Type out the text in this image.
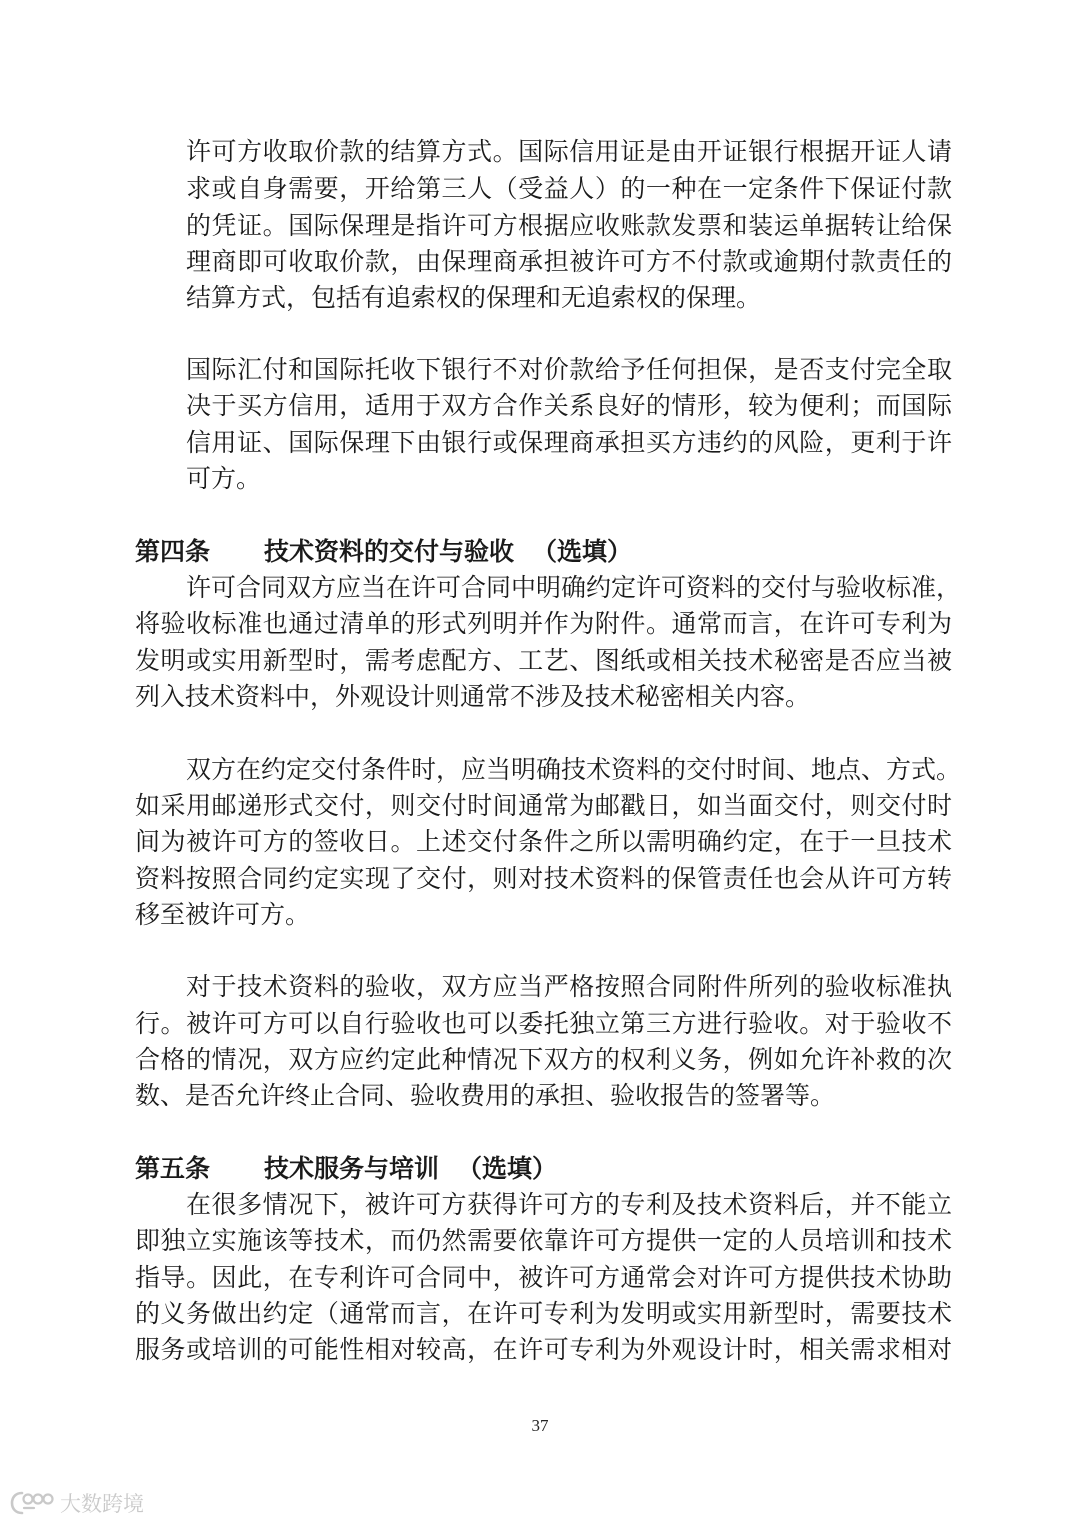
许可方收取价款的结算方式。国际信用证是由开证银行根据开证人请
求或自身需要，开给第三人（受益人）的一种在一定条件下保证付款
的凭证。国际保理是指许可方根据应收账款发票和装运单据转让给保
理商即可收取价款，由保理商承担被许可方不付款或逾期付款责任的
结算方式，包括有追索权的保理和无追索权的保理。
国际汇付和国际托收下银行不对价款给予任何担保，是否支付完全取
决于买方信用，适用于双方合作关系良好的情形，较为便利；而国际
信用证、国际保理下由银行或保理商承担买方违约的风险，更利于许
可方。
第四条 技术资料的交付与验收 （选填）
许可合同双方应当在许可合同中明确约定许可资料的交付与验收标准，
将验收标准也通过清单的形式列明并作为附件。通常而言，在许可专利为
发明或实用新型时，需考虑配方、工艺、图纸或相关技术秘密是否应当被
列入技术资料中，外观设计则通常不涉及技术秘密相关内容。
双方在约定交付条件时，应当明确技术资料的交付时间、地点、方式。
如采用邮递形式交付，则交付时间通常为邮戳日，如当面交付，则交付时
间为被许可方的签收日。上述交付条件之所以需明确约定，在于一旦技术
资料按照合同约定实现了交付，则对技术资料的保管责任也会从许可方转
移至被许可方。
对于技术资料的验收，双方应当严格按照合同附件所列的验收标准执
行。被许可方可以自行验收也可以委托独立第三方进行验收。对于验收不
合格的情况，双方应约定此种情况下双方的权利义务，例如允许补救的次
数、是否允许终止合同、验收费用的承担、验收报告的签署等。
第五条 技术服务与培训 （选填）
在很多情况下，被许可方获得许可方的专利及技术资料后，并不能立
即独立实施该等技术，而仍然需要依靠许可方提供一定的人员培训和技术
指导。因此，在专利许可合同中，被许可方通常会对许可方提供技术协助
的义务做出约定（通常而言，在许可专利为发明或实用新型时，需要技术
服务或培训的可能性相对较高，在许可专利为外观设计时，相关需求相对
37
大数跨境
